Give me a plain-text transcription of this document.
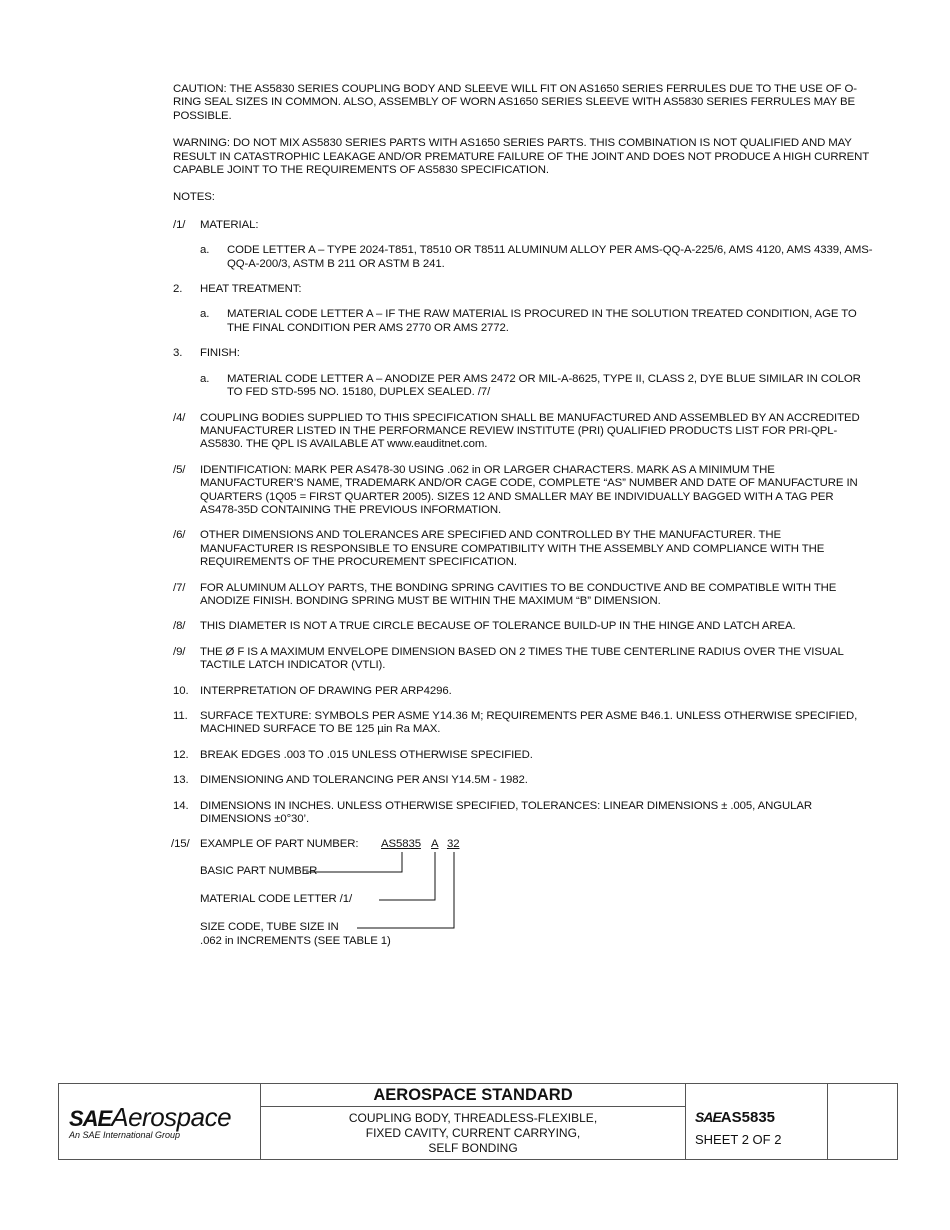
CAUTION: THE AS5830 SERIES COUPLING BODY AND SLEEVE WILL FIT ON AS1650 SERIES FERRULES DUE TO THE USE OF O-RING SEAL SIZES IN COMMON. ALSO, ASSEMBLY OF WORN AS1650 SERIES SLEEVE WITH AS5830 SERIES FERRULES MAY BE POSSIBLE.

WARNING: DO NOT MIX AS5830 SERIES PARTS WITH AS1650 SERIES PARTS. THIS COMBINATION IS NOT QUALIFIED AND MAY RESULT IN CATASTROPHIC LEAKAGE AND/OR PREMATURE FAILURE OF THE JOINT AND DOES NOT PRODUCE A HIGH CURRENT CAPABLE JOINT TO THE REQUIREMENTS OF AS5830 SPECIFICATION.

NOTES:

/1/ MATERIAL:
a. CODE LETTER A – TYPE 2024-T851, T8510 OR T8511 ALUMINUM ALLOY PER AMS-QQ-A-225/6, AMS 4120, AMS 4339, AMS-QQ-A-200/3, ASTM B 211 OR ASTM B 241.
2. HEAT TREATMENT:
a. MATERIAL CODE LETTER A – IF THE RAW MATERIAL IS PROCURED IN THE SOLUTION TREATED CONDITION, AGE TO THE FINAL CONDITION PER AMS 2770 OR AMS 2772.
3. FINISH:
a. MATERIAL CODE LETTER A – ANODIZE PER AMS 2472 OR MIL-A-8625, TYPE II, CLASS 2, DYE BLUE SIMILAR IN COLOR TO FED STD-595 NO. 15180, DUPLEX SEALED. /7/
/4/ COUPLING BODIES SUPPLIED TO THIS SPECIFICATION SHALL BE MANUFACTURED AND ASSEMBLED BY AN ACCREDITED MANUFACTURER LISTED IN THE PERFORMANCE REVIEW INSTITUTE (PRI) QUALIFIED PRODUCTS LIST FOR PRI-QPL-AS5830. THE QPL IS AVAILABLE AT www.eauditnet.com.
/5/ IDENTIFICATION: MARK PER AS478-30 USING .062 in OR LARGER CHARACTERS. MARK AS A MINIMUM THE MANUFACTURER’S NAME, TRADEMARK AND/OR CAGE CODE, COMPLETE “AS” NUMBER AND DATE OF MANUFACTURE IN QUARTERS (1Q05 = FIRST QUARTER 2005). SIZES 12 AND SMALLER MAY BE INDIVIDUALLY BAGGED WITH A TAG PER AS478-35D CONTAINING THE PREVIOUS INFORMATION.
/6/ OTHER DIMENSIONS AND TOLERANCES ARE SPECIFIED AND CONTROLLED BY THE MANUFACTURER. THE MANUFACTURER IS RESPONSIBLE TO ENSURE COMPATIBILITY WITH THE ASSEMBLY AND COMPLIANCE WITH THE REQUIREMENTS OF THE PROCUREMENT SPECIFICATION.
/7/ FOR ALUMINUM ALLOY PARTS, THE BONDING SPRING CAVITIES TO BE CONDUCTIVE AND BE COMPATIBLE WITH THE ANODIZE FINISH. BONDING SPRING MUST BE WITHIN THE MAXIMUM “B” DIMENSION.
/8/ THIS DIAMETER IS NOT A TRUE CIRCLE BECAUSE OF TOLERANCE BUILD-UP IN THE HINGE AND LATCH AREA.
/9/ THE Ø F IS A MAXIMUM ENVELOPE DIMENSION BASED ON 2 TIMES THE TUBE CENTERLINE RADIUS OVER THE VISUAL TACTILE LATCH INDICATOR (VTLI).
10. INTERPRETATION OF DRAWING PER ARP4296.
11. SURFACE TEXTURE: SYMBOLS PER ASME Y14.36 M; REQUIREMENTS PER ASME B46.1. UNLESS OTHERWISE SPECIFIED, MACHINED SURFACE TO BE 125 µin Ra MAX.
12. BREAK EDGES .003 TO .015 UNLESS OTHERWISE SPECIFIED.
13. DIMENSIONING AND TOLERANCING PER ANSI Y14.5M - 1982.
14. DIMENSIONS IN INCHES. UNLESS OTHERWISE SPECIFIED, TOLERANCES: LINEAR DIMENSIONS ± .005, ANGULAR DIMENSIONS ±0°30’.
/15/ EXAMPLE OF PART NUMBER: AS5835 A 32
BASIC PART NUMBER
MATERIAL CODE LETTER /1/
SIZE CODE, TUBE SIZE IN
.062 in INCREMENTS (SEE TABLE 1)
SAEAerospace
An SAE International Group
AEROSPACE STANDARD
COUPLING BODY, THREADLESS-FLEXIBLE,
FIXED CAVITY, CURRENT CARRYING,
SELF BONDING
SAEAS5835
SHEET 2 OF 2
